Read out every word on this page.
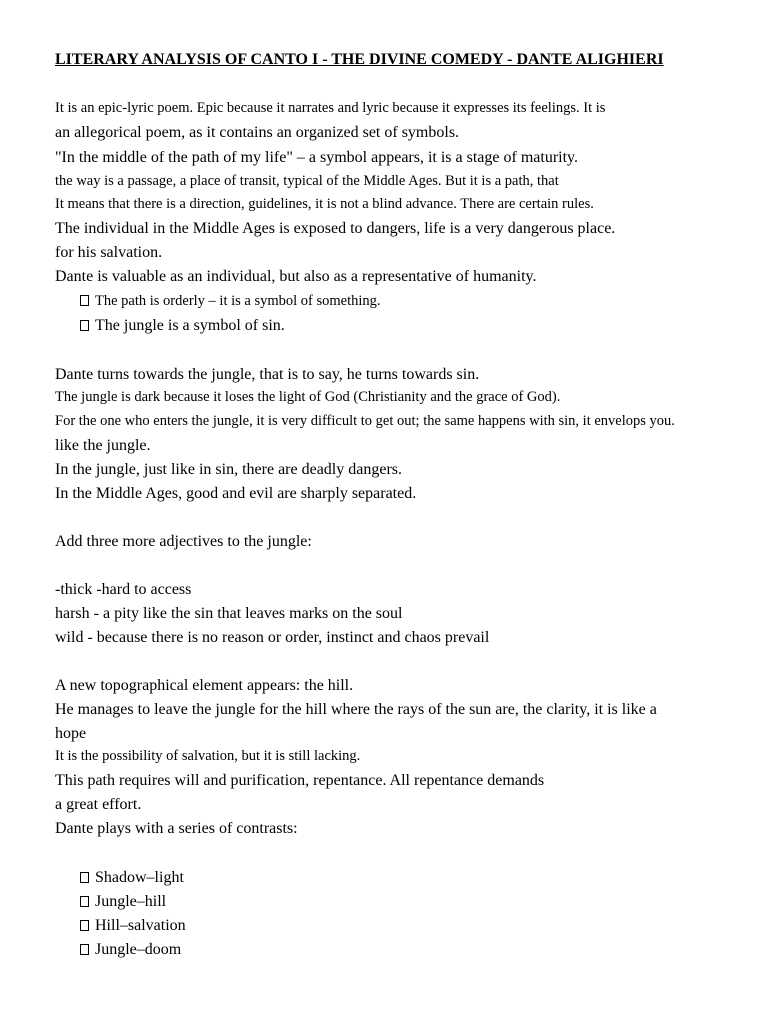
LITERARY ANALYSIS OF CANTO I - THE DIVINE COMEDY - DANTE ALIGHIERI
It is an epic-lyric poem. Epic because it narrates and lyric because it expresses its feelings. It is
an allegorical poem, as it contains an organized set of symbols.
"In the middle of the path of my life" – a symbol appears, it is a stage of maturity.
the way is a passage, a place of transit, typical of the Middle Ages. But it is a path, that
It means that there is a direction, guidelines, it is not a blind advance. There are certain rules.
The individual in the Middle Ages is exposed to dangers, life is a very dangerous place.
for his salvation.
Dante is valuable as an individual, but also as a representative of humanity.
The path is orderly – it is a symbol of something.
The jungle is a symbol of sin.
Dante turns towards the jungle, that is to say, he turns towards sin.
The jungle is dark because it loses the light of God (Christianity and the grace of God).
For the one who enters the jungle, it is very difficult to get out; the same happens with sin, it envelops you.
like the jungle.
In the jungle, just like in sin, there are deadly dangers.
In the Middle Ages, good and evil are sharply separated.
Add three more adjectives to the jungle:
-thick -hard to access
harsh - a pity like the sin that leaves marks on the soul
wild - because there is no reason or order, instinct and chaos prevail
A new topographical element appears: the hill.
He manages to leave the jungle for the hill where the rays of the sun are, the clarity, it is like a
hope
It is the possibility of salvation, but it is still lacking.
This path requires will and purification, repentance. All repentance demands
a great effort.
Dante plays with a series of contrasts:
Shadow–light
Jungle–hill
Hill–salvation
Jungle–doom
